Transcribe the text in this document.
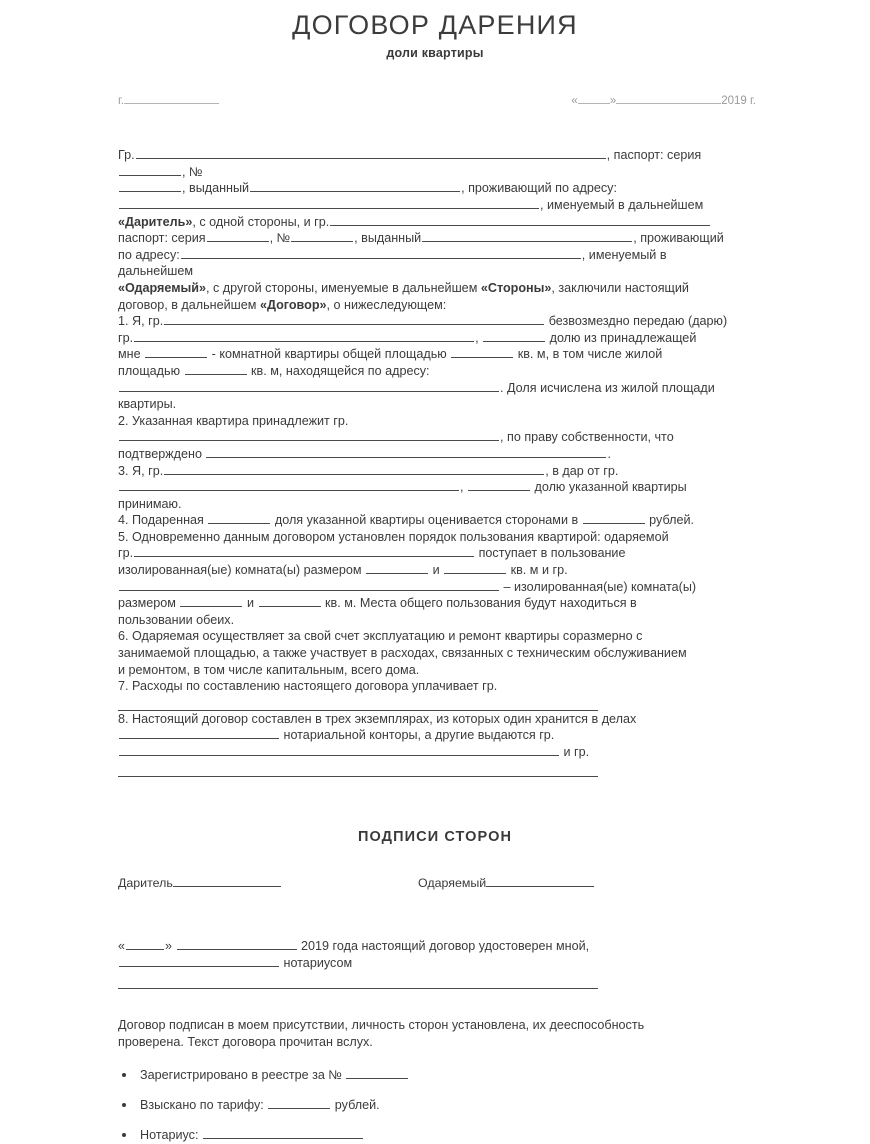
ДОГОВОР ДАРЕНИЯ
доли квартиры
г.	«	»	2019 г.
Гр.	, паспорт: серия, №
, выданный	, проживающий по адресу:
, именуемый в дальнейшем
«Даритель», с одной стороны, и гр.
паспорт: серия	, №	, выданный	, проживающий
по адресу:	, именуемый в дальнейшем
«Одаряемый», с другой стороны, именуемые в дальнейшем «Стороны», заключили настоящий
договор, в дальнейшем «Договор», о нижеследующем:
1. Я, гр.	безвозмездно передаю (дарю)
гр.	,	долю из принадлежащей
мне	- комнатной квартиры общей площадью	кв. м, в том числе жилой
площадью	кв. м, находящейся по адресу:
. Доля исчислена из жилой площади
квартиры.
2. Указанная квартира принадлежит гр.
, по праву собственности, что
подтверждено	.
3. Я, гр.	, в дар от гр.
,	долю указанной квартиры
принимаю.
4. Подаренная	доля указанной квартиры оценивается сторонами в	рублей.
5. Одновременно данным договором установлен порядок пользования квартирой: одаряемой
гр.	поступает в пользование
изолированная(ые) комната(ы) размером	и	кв. м и гр.
– изолированная(ые) комната(ы)
размером	и	кв. м. Места общего пользования будут находиться в
пользовании обеих.
6. Одаряемая осуществляет за свой счет эксплуатацию и ремонт квартиры соразмерно с
занимаемой площадью, а также участвует в расходах, связанных с техническим обслуживанием
и ремонтом, в том числе капитальным, всего дома.
7. Расходы по составлению настоящего договора уплачивает гр.
8. Настоящий договор составлен в трех экземплярах, из которых один хранится в делах
нотариальной конторы, а другие выдаются гр.
и гр.
ПОДПИСИ СТОРОН
Даритель	Одаряемый
«	»	2019 года настоящий договор удостоверен мной,
нотариусом
Договор подписан в моем присутствии, личность сторон установлена, их дееспособность
проверена. Текст договора прочитан вслух.
Зарегистрировано в реестре за №
Взыскано по тарифу:	рублей.
Нотариус:
